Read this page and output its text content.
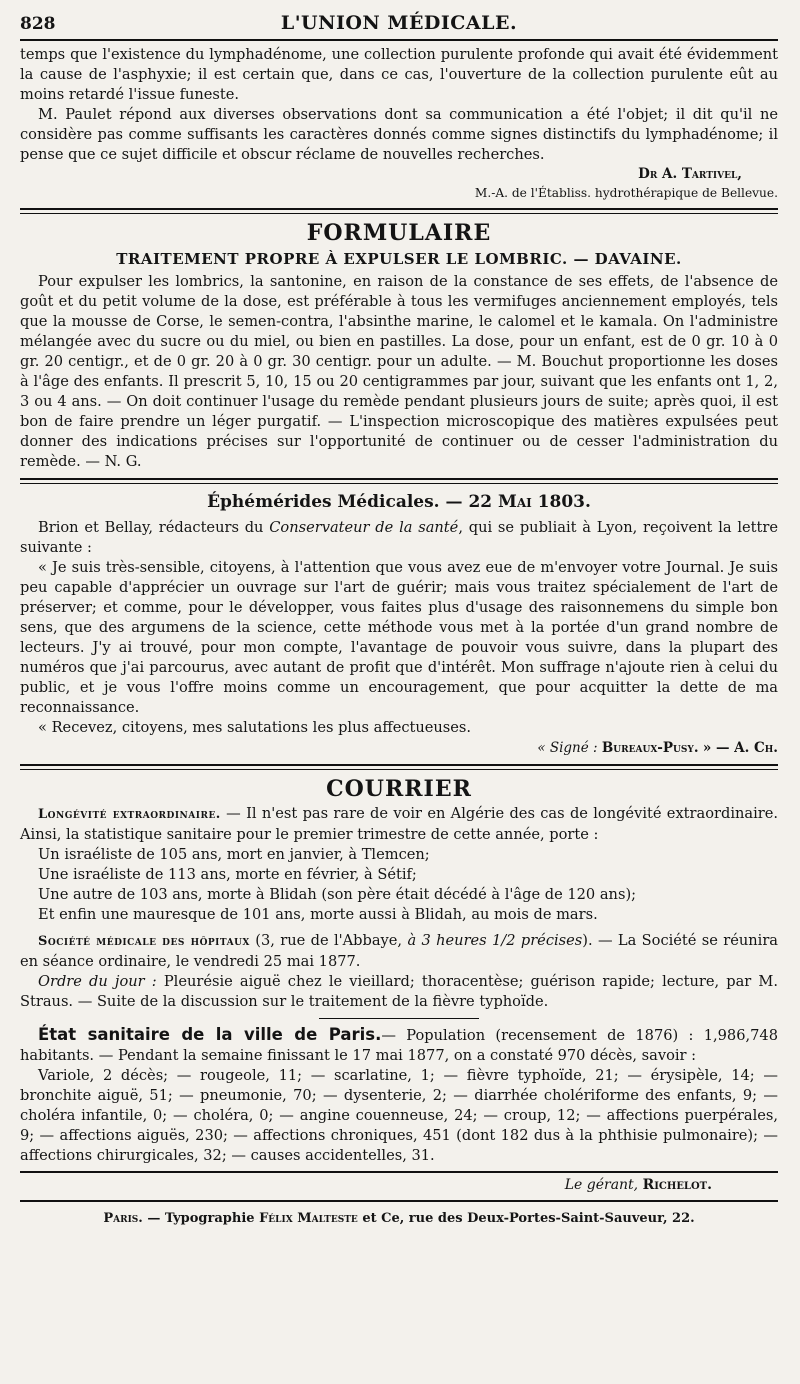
828	L'UNION MÉDICALE.

temps que l'existence du lymphadénome, une collection purulente profonde qui avait été évidemment la cause de l'asphyxie; il est certain que, dans ce cas, l'ouverture de la collection purulente eût au moins retardé l'issue funeste.

M. Paulet répond aux diverses observations dont sa communication a été l'objet; il dit qu'il ne considère pas comme suffisants les caractères donnés comme signes distinctifs du lymphadénome; il pense que ce sujet difficile et obscur réclame de nouvelles recherches.

Dr A. Tartivel,
M.-A. de l'Établiss. hydrothérapique de Bellevue.
FORMULAIRE
TRAITEMENT PROPRE À EXPULSER LE LOMBRIC. — DAVAINE.

Pour expulser les lombrics, la santonine, en raison de la constance de ses effets, de l'absence de goût et du petit volume de la dose, est préférable à tous les vermifuges anciennement employés, tels que la mousse de Corse, le semen-contra, l'absinthe marine, le calomel et le kamala. On l'administre mélangée avec du sucre ou du miel, ou bien en pastilles. La dose, pour un enfant, est de 0 gr. 10 à 0 gr. 20 centigr., et de 0 gr. 20 à 0 gr. 30 centigr. pour un adulte. — M. Bouchut proportionne les doses à l'âge des enfants. Il prescrit 5, 10, 15 ou 20 centigrammes par jour, suivant que les enfants ont 1, 2, 3 ou 4 ans. — On doit continuer l'usage du remède pendant plusieurs jours de suite; après quoi, il est bon de faire prendre un léger purgatif. — L'inspection microscopique des matières expulsées peut donner des indications précises sur l'opportunité de continuer ou de cesser l'administration du remède. — N. G.

Éphémérides Médicales. — 22 Mai 1803.

Brion et Bellay, rédacteurs du Conservateur de la santé, qui se publiait à Lyon, reçoivent la lettre suivante :

« Je suis très-sensible, citoyens, à l'attention que vous avez eue de m'envoyer votre Journal. Je suis peu capable d'apprécier un ouvrage sur l'art de guérir; mais vous traitez spécialement de l'art de préserver; et comme, pour le développer, vous faites plus d'usage des raisonnemens du simple bon sens, que des argumens de la science, cette méthode vous met à la portée d'un grand nombre de lecteurs. J'y ai trouvé, pour mon compte, l'avantage de pouvoir vous suivre, dans la plupart des numéros que j'ai parcourus, avec autant de profit que d'intérêt. Mon suffrage n'ajoute rien à celui du public, et je vous l'offre moins comme un encouragement, que pour acquitter la dette de ma reconnaissance.

« Recevez, citoyens, mes salutations les plus affectueuses.

« Signé : Bureaux-Pusy. » — A. Ch.
COURRIER

Longévité extraordinaire. — Il n'est pas rare de voir en Algérie des cas de longévité extraordinaire. Ainsi, la statistique sanitaire pour le premier trimestre de cette année, porte :

Un israéliste de 105 ans, mort en janvier, à Tlemcen;

Une israéliste de 113 ans, morte en février, à Sétif;

Une autre de 103 ans, morte à Blidah (son père était décédé à l'âge de 120 ans);

Et enfin une mauresque de 101 ans, morte aussi à Blidah, au mois de mars.

Société médicale des hôpitaux (3, rue de l'Abbaye, à 3 heures 1/2 précises). — La Société se réunira en séance ordinaire, le vendredi 25 mai 1877.

Ordre du jour : Pleurésie aiguë chez le vieillard; thoracentèse; guérison rapide; lecture, par M. Straus. — Suite de la discussion sur le traitement de la fièvre typhoïde.

État sanitaire de la ville de Paris.— Population (recensement de 1876) : 1,986,748 habitants. — Pendant la semaine finissant le 17 mai 1877, on a constaté 970 décès, savoir :

Variole, 2 décès; — rougeole, 11; — scarlatine, 1; — fièvre typhoïde, 21; — érysipèle, 14; — bronchite aiguë, 51; — pneumonie, 70; — dysenterie, 2; — diarrhée cholériforme des enfants, 9; — choléra infantile, 0; — choléra, 0; — angine couenneuse, 24; — croup, 12; — affections puerpérales, 9; — affections aiguës, 230; — affections chroniques, 451 (dont 182 dus à la phthisie pulmonaire); — affections chirurgicales, 32; — causes accidentelles, 31.

Le gérant, Richelot.
Paris. — Typographie Félix Malteste et Ce, rue des Deux-Portes-Saint-Sauveur, 22.
